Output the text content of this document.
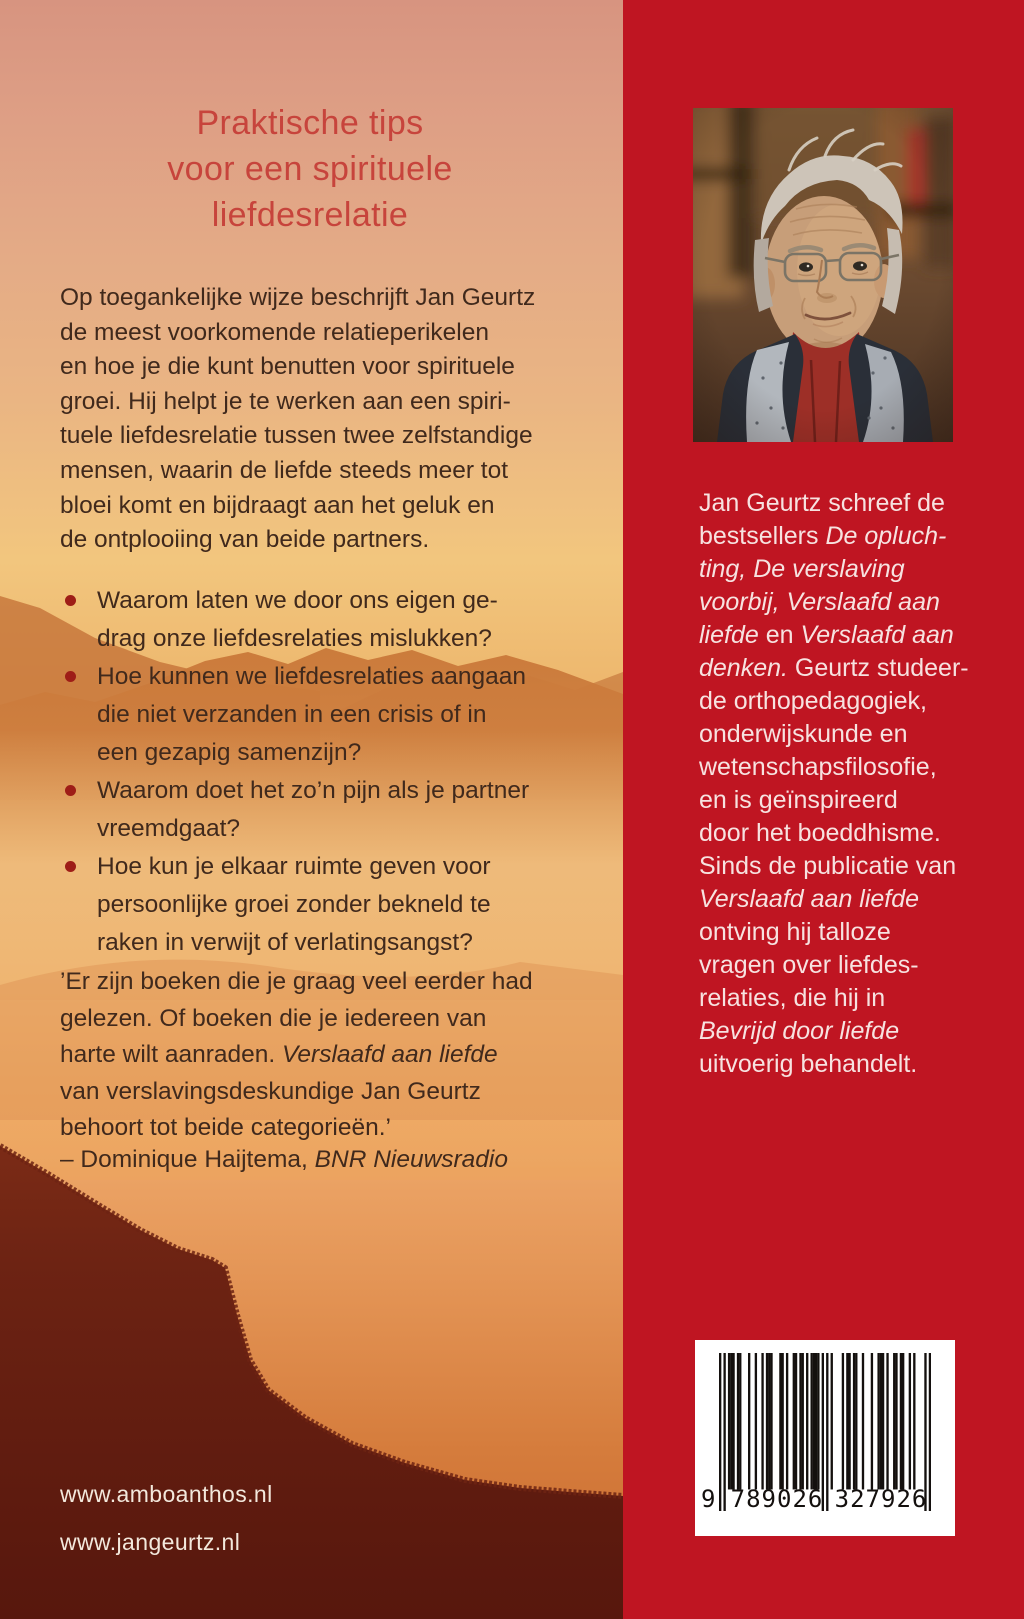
Praktische tips
voor een spirituele
liefdesrelatie
Op toegankelijke wijze beschrijft Jan Geurtz
de meest voorkomende relatieperikelen
en hoe je die kunt benutten voor spirituele
groei. Hij helpt je te werken aan een spiri-
tuele liefdesrelatie tussen twee zelfstandige
mensen, waarin de liefde steeds meer tot
bloei komt en bijdraagt aan het geluk en
de ontplooiing van beide partners.
Waarom laten we door ons eigen ge-
drag onze liefdesrelaties mislukken?
Hoe kunnen we liefdesrelaties aangaan
die niet verzanden in een crisis of in
een gezapig samenzijn?
Waarom doet het zo’n pijn als je partner
vreemdgaat?
Hoe kun je elkaar ruimte geven voor
persoonlijke groei zonder bekneld te
raken in verwijt of verlatingsangst?
’Er zijn boeken die je graag veel eerder had
gelezen. Of boeken die je iedereen van
harte wilt aanraden. Verslaafd aan liefde
van verslavingsdeskundige Jan Geurtz
behoort tot beide categorieën.’
– Dominique Haijtema, BNR Nieuwsradio
www.amboanthos.nl
www.jangeurtz.nl
Jan Geurtz schreef de
bestsellers De opluch-
ting, De verslaving
voorbij, Verslaafd aan
liefde en Verslaafd aan
denken. Geurtz studeer-
de orthopedagogiek,
onderwijskunde en
wetenschapsfilosofie,
en is geïnspireerd
door het boeddhisme.
Sinds de publicatie van
Verslaafd aan liefde
ontving hij talloze
vragen over liefdes-
relaties, die hij in
Bevrijd door liefde
uitvoerig behandelt.
9 789026 327926
